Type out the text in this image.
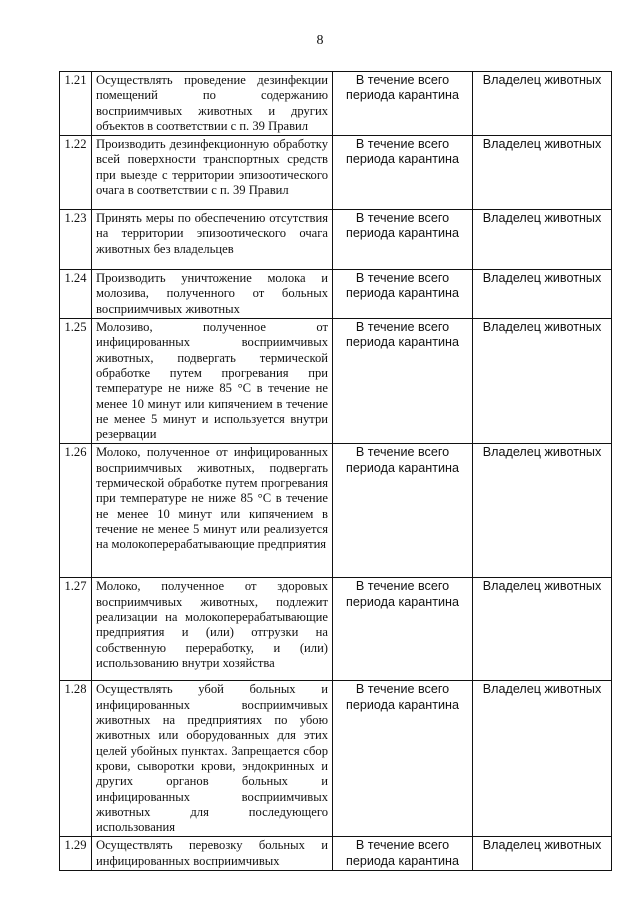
8
1.21	Осуществлять проведение дезинфекции помещений по содержанию восприимчивых животных и других объектов в соответствии с п. 39 Правил	В течение всего периода карантина	Владелец животных
1.22	Производить дезинфекционную обработку всей поверхности транспортных средств при выезде с территории эпизоотического очага в соответствии с п. 39 Правил	В течение всего периода карантина	Владелец животных
1.23	Принять меры по обеспечению отсутствия на территории эпизоотического очага животных без владельцев	В течение всего периода карантина	Владелец животных
1.24	Производить уничтожение молока и молозива, полученного от больных восприимчивых животных	В течение всего периода карантина	Владелец животных
1.25	Молозиво, полученное от инфицированных восприимчивых животных, подвергать термической обработке путем прогревания при температуре не ниже 85 °С в течение не менее 10 минут или кипячением в течение не менее 5 минут и используется внутри резервации	В течение всего периода карантина	Владелец животных
1.26	Молоко, полученное от инфицированных восприимчивых животных, подвергать термической обработке путем прогревания при температуре не ниже 85 °С в течение не менее 10 минут или кипячением в течение не менее 5 минут или реализуется на молокоперерабатывающие предприятия	В течение всего периода карантина	Владелец животных
1.27	Молоко, полученное от здоровых восприимчивых животных, подлежит реализации на молокоперерабатывающие предприятия и (или) отгрузки на собственную переработку, и (или) использованию внутри хозяйства	В течение всего периода карантина	Владелец животных
1.28	Осуществлять убой больных и инфицированных восприимчивых животных на предприятиях по убою животных или оборудованных для этих целей убойных пунктах. Запрещается сбор крови, сыворотки крови, эндокринных и других органов больных и инфицированных восприимчивых животных для последующего использования	В течение всего периода карантина	Владелец животных
1.29	Осуществлять перевозку больных и инфицированных восприимчивых	В течение всего периода карантина	Владелец животных
